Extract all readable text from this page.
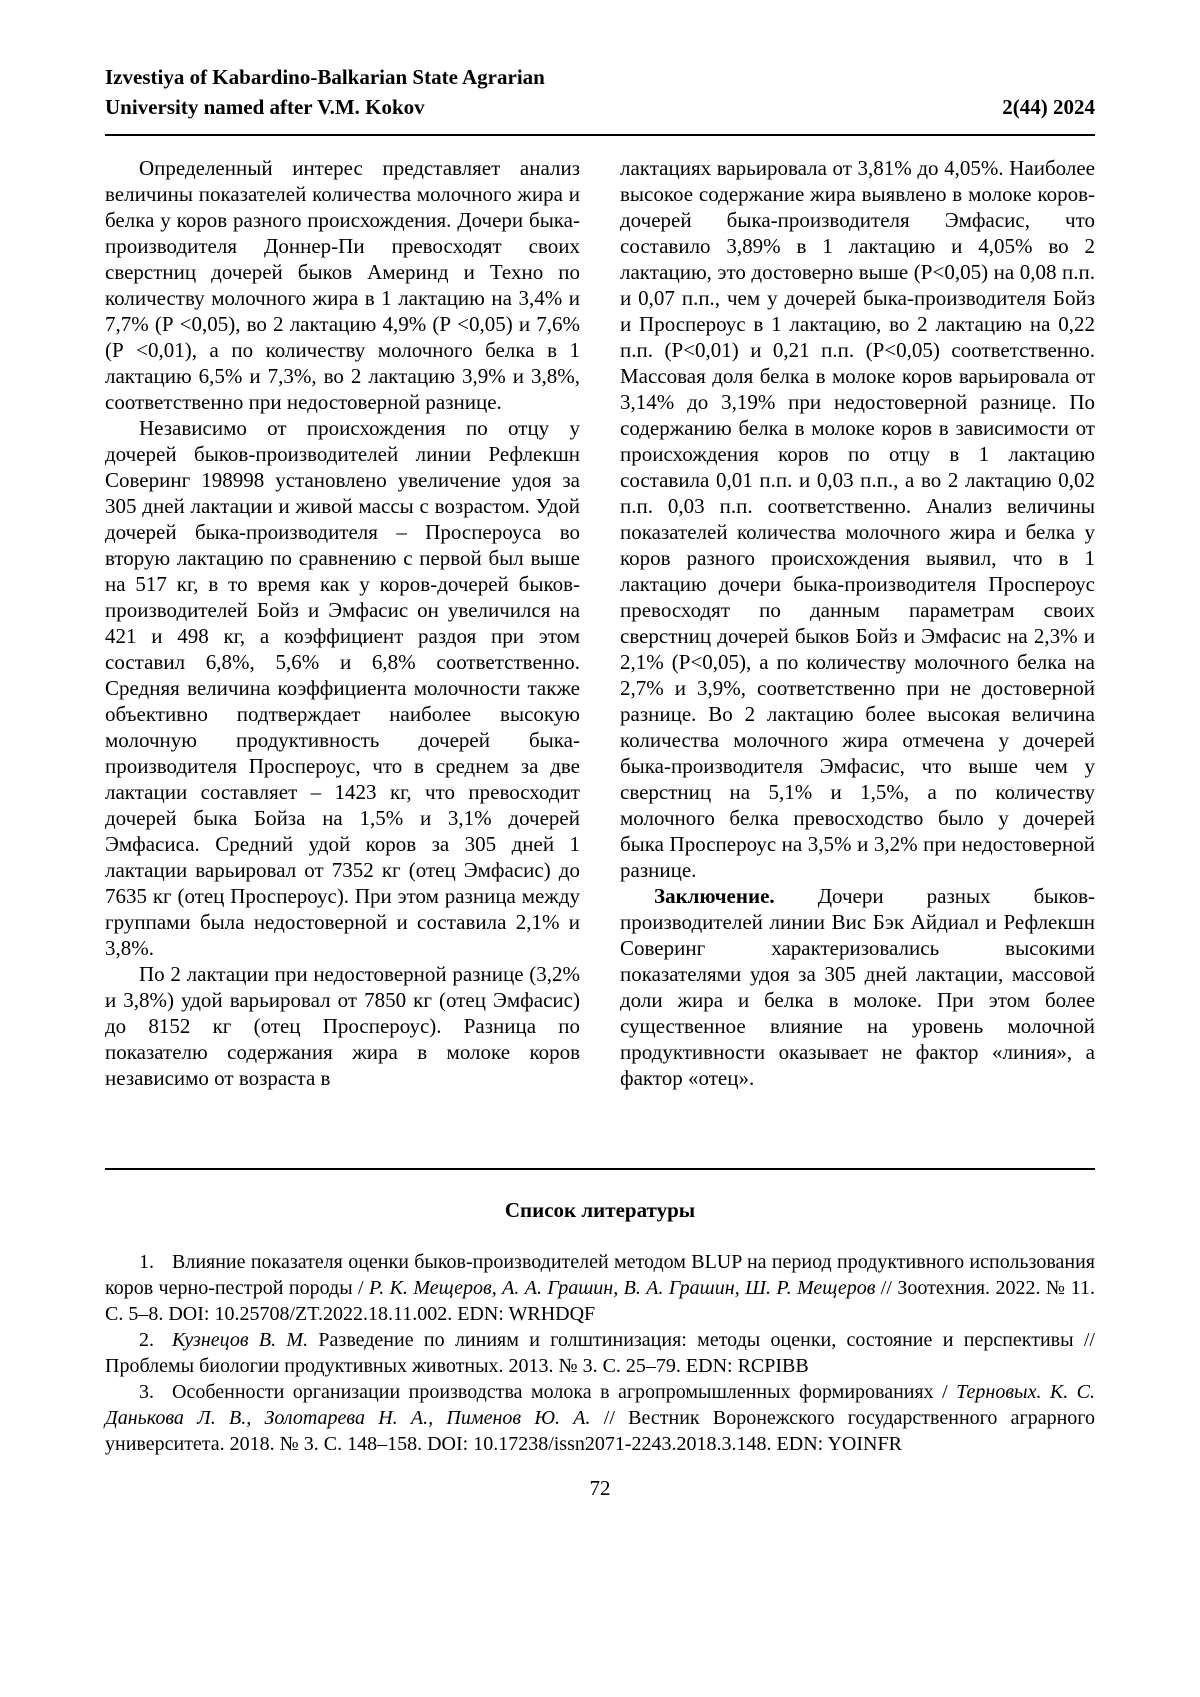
Izvestiya of Kabardino-Balkarian State Agrarian
University named after V.M. Kokov	2(44) 2024

Определенный интерес представляет анализ величины показателей количества молочного жира и белка у коров разного происхождения. Дочери быка-производителя Доннер-Пи превосходят своих сверстниц дочерей быков Америнд и Техно по количеству молочного жира в 1 лактацию на 3,4% и 7,7% (Р <0,05), во 2 лактацию 4,9% (Р <0,05) и 7,6% (Р <0,01), а по количеству молочного белка в 1 лактацию 6,5% и 7,3%, во 2 лактацию 3,9% и 3,8%, соответственно при недостоверной разнице.

Независимо от происхождения по отцу у дочерей быков-производителей линии Рефлекшн Соверинг 198998 установлено увеличение удоя за 305 дней лактации и живой массы с возрастом. Удой дочерей быка-производителя – Проспероуса во вторую лактацию по сравнению с первой был выше на 517 кг, в то время как у коров-дочерей быков-производителей Бойз и Эмфасис он увеличился на 421 и 498 кг, а коэффициент раздоя при этом составил 6,8%, 5,6% и 6,8% соответственно. Средняя величина коэффициента молочности также объективно подтверждает наиболее высокую молочную продуктивность дочерей быка-производителя Проспероус, что в среднем за две лактации составляет – 1423 кг, что превосходит дочерей быка Бойза на 1,5% и 3,1% дочерей Эмфасиса. Средний удой коров за 305 дней 1 лактации варьировал от 7352 кг (отец Эмфасис) до 7635 кг (отец Проспероус). При этом разница между группами была недостоверной и составила 2,1% и 3,8%.

По 2 лактации при недостоверной разнице (3,2% и 3,8%) удой варьировал от 7850 кг (отец Эмфасис) до 8152 кг (отец Проспероус). Разница по показателю содержания жира в молоке коров независимо от возраста в

лактациях варьировала от 3,81% до 4,05%. Наиболее высокое содержание жира выявлено в молоке коров-дочерей быка-производителя Эмфасис, что составило 3,89% в 1 лактацию и 4,05% во 2 лактацию, это достоверно выше (Р<0,05) на 0,08 п.п. и 0,07 п.п., чем у дочерей быка-производителя Бойз и Проспероус в 1 лактацию, во 2 лактацию на 0,22 п.п. (Р<0,01) и 0,21 п.п. (Р<0,05) соответственно. Массовая доля белка в молоке коров варьировала от 3,14% до 3,19% при недостоверной разнице. По содержанию белка в молоке коров в зависимости от происхождения коров по отцу в 1 лактацию составила 0,01 п.п. и 0,03 п.п., а во 2 лактацию 0,02 п.п. 0,03 п.п. соответственно. Анализ величины показателей количества молочного жира и белка у коров разного происхождения выявил, что в 1 лактацию дочери быка-производителя Проспероус превосходят по данным параметрам своих сверстниц дочерей быков Бойз и Эмфасис на 2,3% и 2,1% (Р<0,05), а по количеству молочного белка на 2,7% и 3,9%, соответственно при не достоверной разнице. Во 2 лактацию более высокая величина количества молочного жира отмечена у дочерей быка-производителя Эмфасис, что выше чем у сверстниц на 5,1% и 1,5%, а по количеству молочного белка превосходство было у дочерей быка Проспероус на 3,5% и 3,2% при недостоверной разнице.

Заключение. Дочери разных быков-производителей линии Вис Бэк Айдиал и Рефлекшн Соверинг характеризовались высокими показателями удоя за 305 дней лактации, массовой доли жира и белка в молоке. При этом более существенное влияние на уровень молочной продуктивности оказывает не фактор «линия», а фактор «отец».

Список литературы

1. Влияние показателя оценки быков-производителей методом BLUP на период продуктивного использования коров черно-пестрой породы / Р. К. Мещеров, А. А. Грашин, В. А. Грашин, Ш. Р. Мещеров // Зоотехния. 2022. № 11. С. 5–8. DOI: 10.25708/ZT.2022.18.11.002. EDN: WRHDQF

2. Кузнецов В. М. Разведение по линиям и голштинизация: методы оценки, состояние и перспективы // Проблемы биологии продуктивных животных. 2013. № 3. С. 25–79. EDN: RCPIBB

3. Особенности организации производства молока в агропромышленных формированиях / Терновых. К. С. Данькова Л. В., Золотарева Н. А., Пименов Ю. А. // Вестник Воронежского государственного аграрного университета. 2018. № 3. С. 148–158. DOI: 10.17238/issn2071-2243.2018.3.148. EDN: YOINFR

72
